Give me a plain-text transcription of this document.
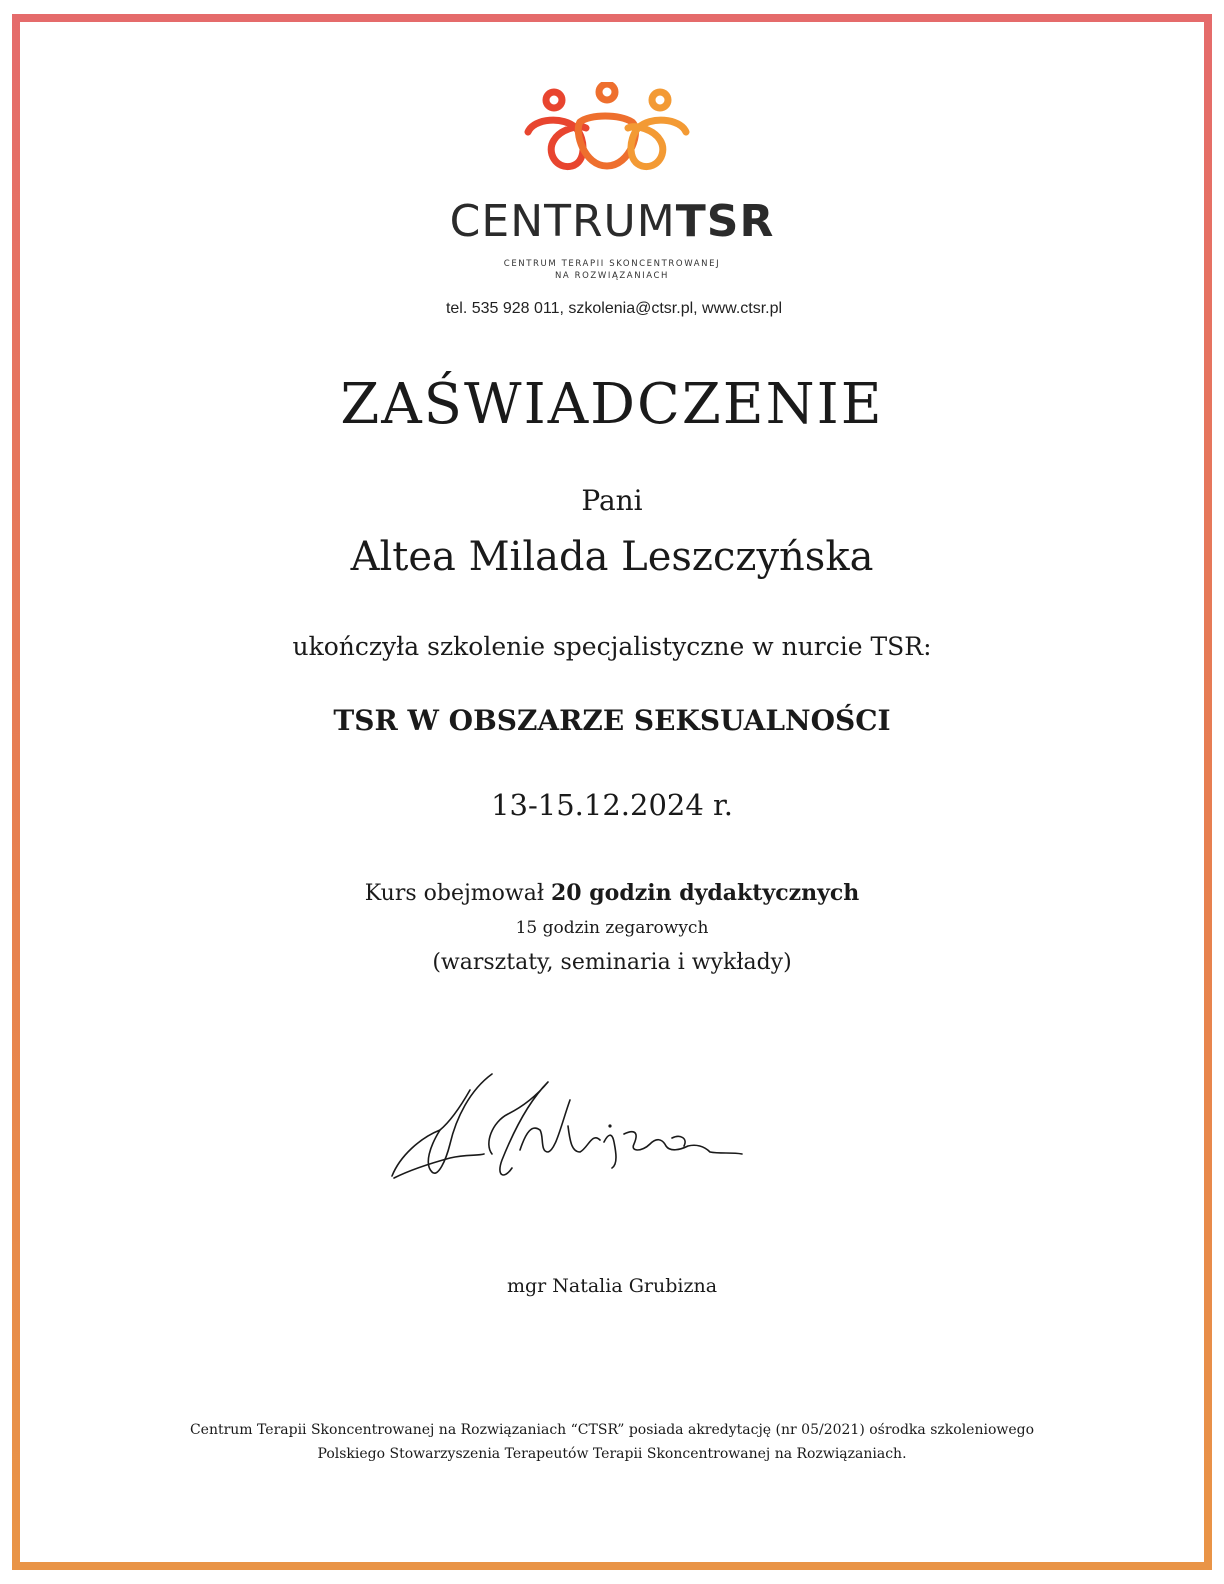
CENTRUMTSR
CENTRUM TERAPII SKONCENTROWANEJ
NA ROZWIĄZANIACH
tel. 535 928 011, szkolenia@ctsr.pl, www.ctsr.pl
ZAŚWIADCZENIE
Pani
Altea Milada Leszczyńska
ukończyła szkolenie specjalistyczne w nurcie TSR:
TSR W OBSZARZE SEKSUALNOŚCI
13-15.12.2024 r.
Kurs obejmował 20 godzin dydaktycznych
15 godzin zegarowych
(warsztaty, seminaria i wykłady)
mgr Natalia Grubizna
Centrum Terapii Skoncentrowanej na Rozwiązaniach “CTSR” posiada akredytację (nr 05/2021) ośrodka szkoleniowego
Polskiego Stowarzyszenia Terapeutów Terapii Skoncentrowanej na Rozwiązaniach.
